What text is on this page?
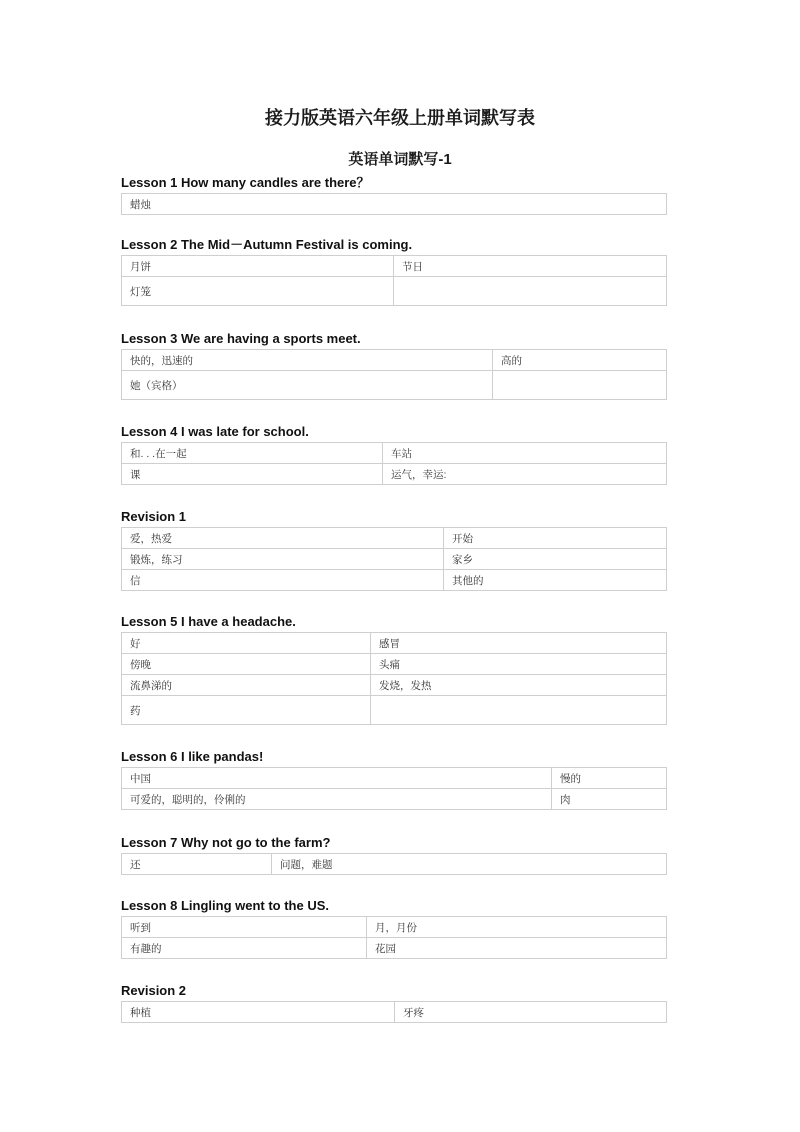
接力版英语六年级上册单词默写表
英语单词默写-1
Lesson 1 How many candles are there？
蜡烛
Lesson 2 The Mid－Autumn Festival is coming.
月饼	节日
灯笼	
Lesson 3 We are having a sports meet.
快的，迅速的	高的
她（宾格）	
Lesson 4 I was late for school.
和. . .在一起	车站
课	运气，幸运:
Revision 1
爱，热爱	开始
锻炼，练习	家乡
信	其他的
Lesson 5 I have a headache.
好	感冒
傍晚	头痛
流鼻涕的	发烧，发热
药	
Lesson 6 I like pandas!
中国	慢的
可爱的，聪明的，伶俐的	肉
Lesson 7 Why not go to the farm?
还	问题，难题
Lesson 8 Lingling went to the US.
听到	月，月份
有趣的	花园
Revision 2
种植	牙疼
